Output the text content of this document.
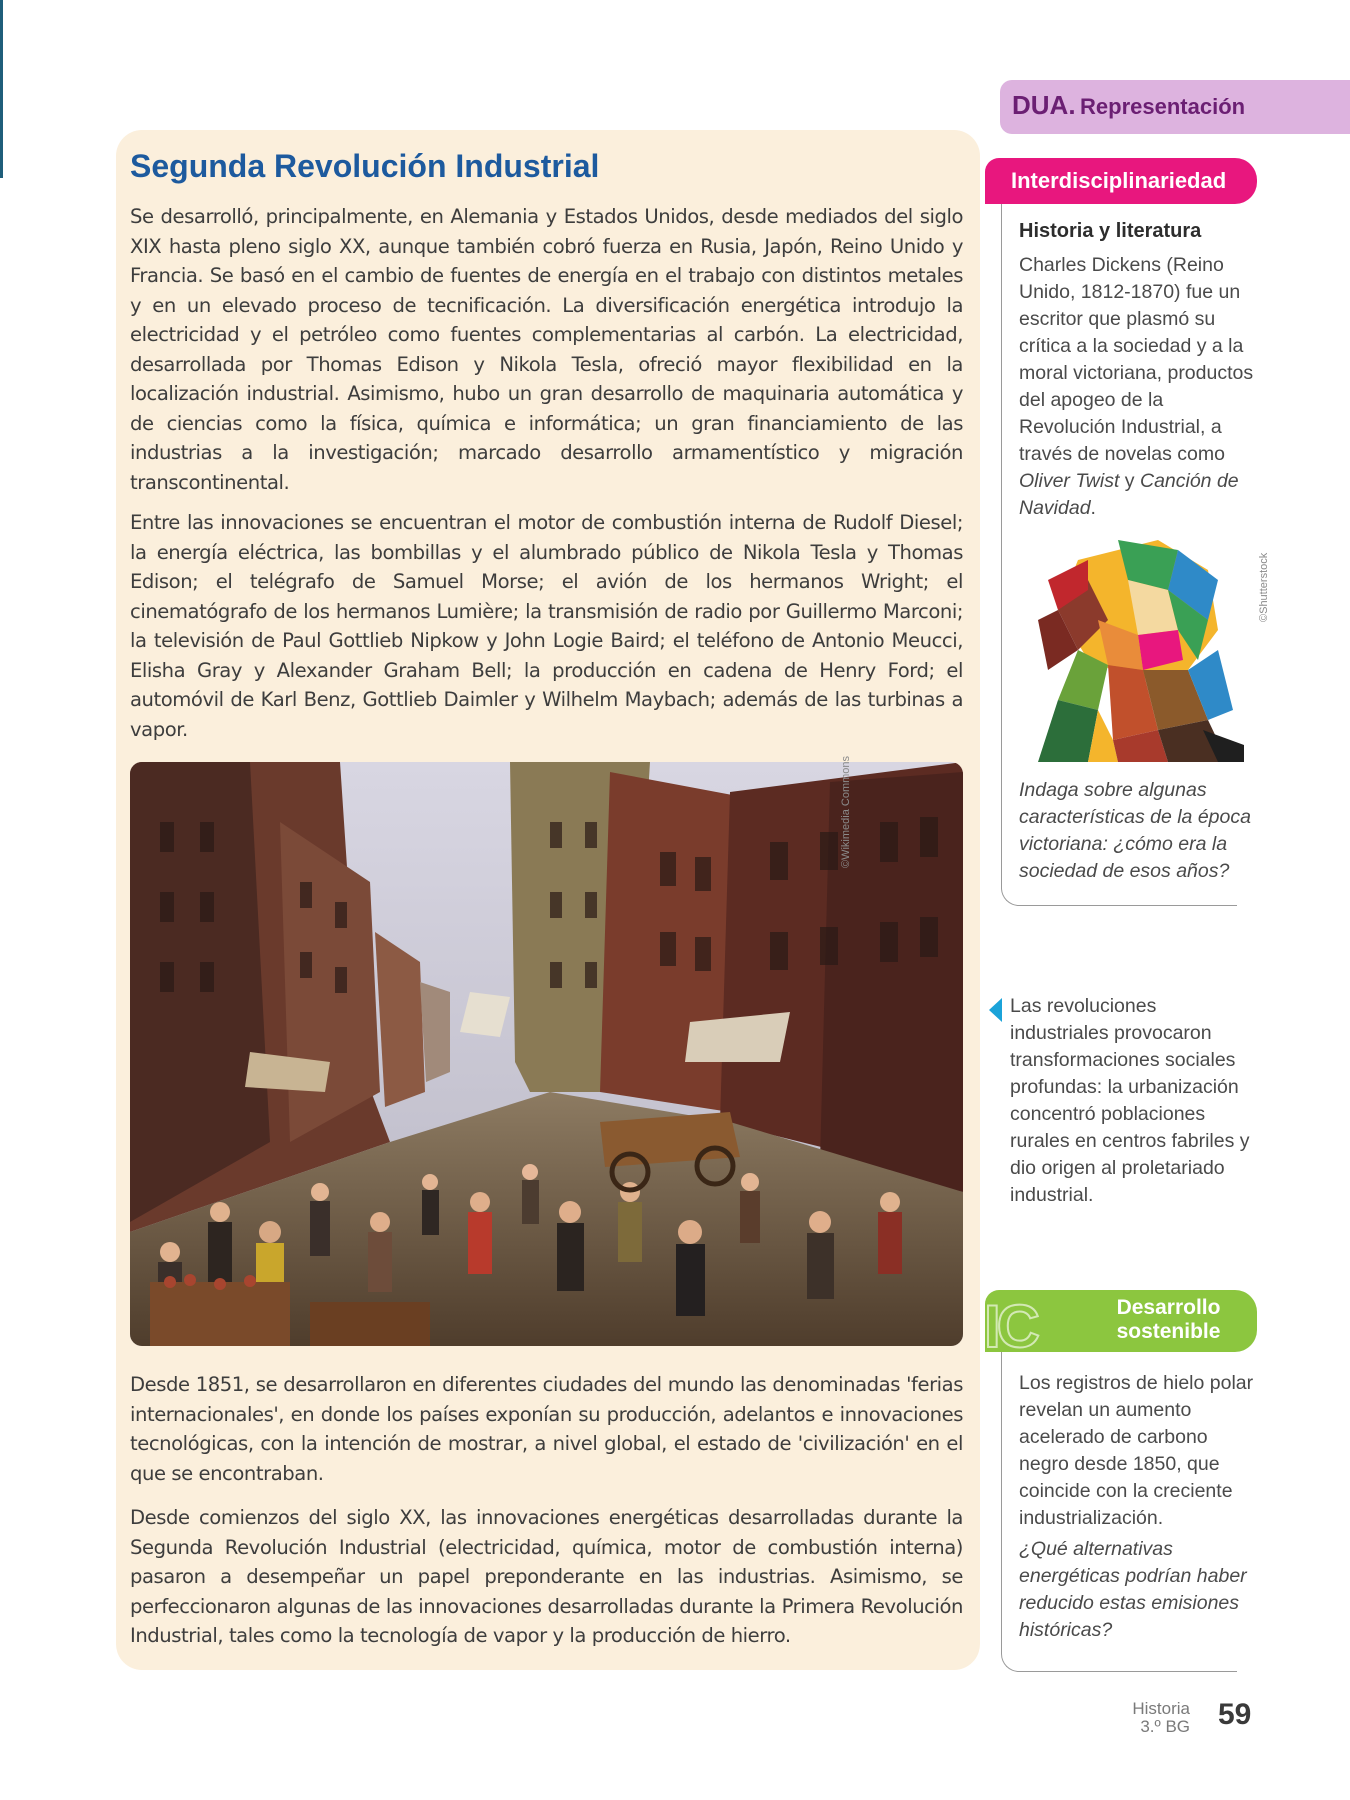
DUA. Representación
Segunda Revolución Industrial

Se desarrolló, principalmente, en Alemania y Estados Unidos, desde mediados del siglo XIX hasta pleno siglo XX, aunque también cobró fuerza en Rusia, Japón, Reino Unido y Francia. Se basó en el cambio de fuentes de energía en el trabajo con distintos metales y en un elevado proceso de tecnificación. La diversificación energética introdujo la electricidad y el petróleo como fuentes complementarias al carbón. La electricidad, desarrollada por Thomas Edison y Nikola Tesla, ofreció mayor flexibilidad en la localización industrial. Asimismo, hubo un gran desarrollo de maquinaria automática y de ciencias como la física, química e informática; un gran financiamiento de las industrias a la investigación; marcado desarrollo armamentístico y migración transcontinental.

Entre las innovaciones se encuentran el motor de combustión interna de Rudolf Diesel; la energía eléctrica, las bombillas y el alumbrado público de Nikola Tesla y Thomas Edison; el telégrafo de Samuel Morse; el avión de los hermanos Wright; el cinematógrafo de los hermanos Lumière; la transmisión de radio por Guillermo Marconi; la televisión de Paul Gottlieb Nipkow y John Logie Baird; el teléfono de Antonio Meucci, Elisha Gray y Alexander Graham Bell; la producción en cadena de Henry Ford; el automóvil de Karl Benz, Gottlieb Daimler y Wilhelm Maybach; además de las turbinas a vapor.

©Wikimedia Commons

Desde 1851, se desarrollaron en diferentes ciudades del mundo las denominadas 'ferias internacionales', en donde los países exponían su producción, adelantos e innovaciones tecnológicas, con la intención de mostrar, a nivel global, el estado de 'civilización' en el que se encontraban.

Desde comienzos del siglo XX, las innovaciones energéticas desarrolladas durante la Segunda Revolución Industrial (electricidad, química, motor de combustión interna) pasaron a desempeñar un papel preponderante en las industrias. Asimismo, se perfeccionaron algunas de las innovaciones desarrolladas durante la Primera Revolución Industrial, tales como la tecnología de vapor y la producción de hierro.

Interdisciplinariedad
Historia y literatura
Charles Dickens (Reino Unido, 1812-1870) fue un escritor que plasmó su crítica a la sociedad y a la moral victoriana, productos del apogeo de la Revolución Industrial, a través de novelas como Oliver Twist y Canción de Navidad.
©Shutterstock
Indaga sobre algunas características de la época victoriana: ¿cómo era la sociedad de esos años?
Las revoluciones industriales provocaron transformaciones sociales profundas: la urbanización concentró poblaciones rurales en centros fabriles y dio origen al proletariado industrial.
Desarrollo
sostenible
IC
Los registros de hielo polar revelan un aumento acelerado de carbono negro desde 1850, que coincide con la creciente industrialización.
¿Qué alternativas energéticas podrían haber reducido estas emisiones históricas?
Historia
3.º BG 59
